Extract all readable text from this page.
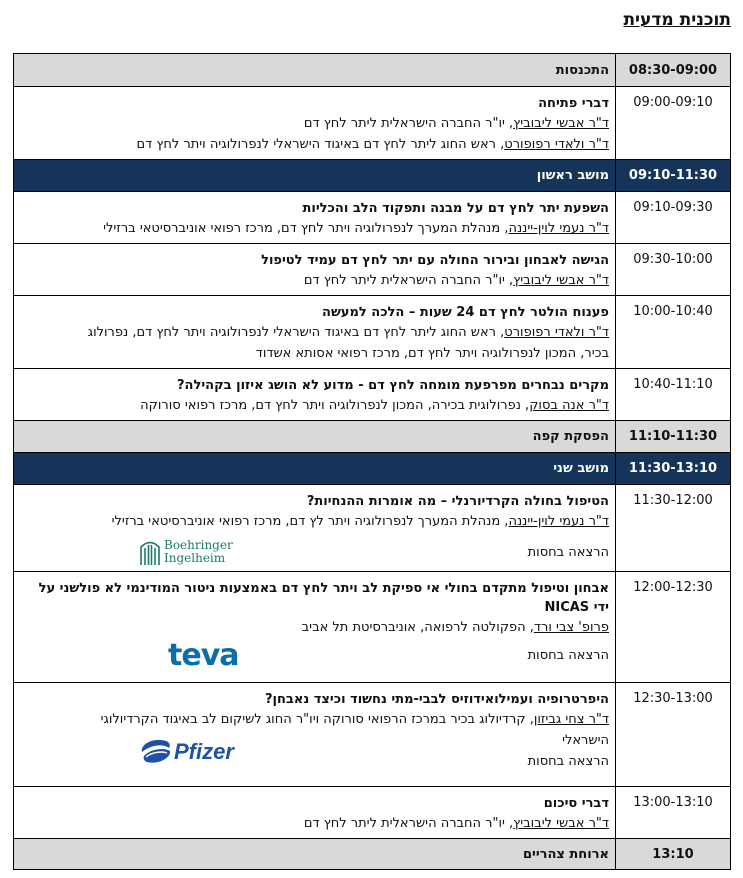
תוכנית מדעית
08:30-09:00	התכנסות
09:00-09:10	דברי פתיחה
ד"ר אבשי ליבוביץ, יו"ר החברה הישראלית ליתר לחץ דם
ד"ר ולאדי רפופורט, ראש החוג ליתר לחץ דם באיגוד הישראלי לנפרולוגיה ויתר לחץ דם

09:10-11:30	מושב ראשון
09:10-09:30	השפעת יתר לחץ דם על מבנה ותפקוד הלב והכליות
ד"ר נעמי לוין-ייננה, מנהלת המערך לנפרולוגיה ויתר לחץ דם, מרכז רפואי אוניברסיטאי ברזילי

09:30-10:00	הגישה לאבחון ובירור החולה עם יתר לחץ דם עמיד לטיפול
ד"ר אבשי ליבוביץ, יו"ר החברה הישראלית ליתר לחץ דם

10:00-10:40	פענוח הולטר לחץ דם 24 שעות – הלכה למעשה
ד"ר ולאדי רפופורט, ראש החוג ליתר לחץ דם באיגוד הישראלי לנפרולוגיה ויתר לחץ דם, נפרולוג
בכיר, המכון לנפרולוגיה ויתר לחץ דם, מרכז רפואי אסותא אשדוד

10:40-11:10	מקרים נבחרים מפרפעת מומחה לחץ דם - מדוע לא הושג איזון בקהילה?
ד"ר אנה בסוק, נפרולוגית בכירה, המכון לנפרולוגיה ויתר לחץ דם, מרכז רפואי סורוקה

11:10-11:30	הפסקת קפה
11:30-13:10	מושב שני
11:30-12:00	הטיפול בחולה הקרדיורנלי – מה אומרות ההנחיות?
ד"ר נעמי לוין-ייננה, מנהלת המערך לנפרולוגיה ויתר לץ דם, מרכז רפואי אוניברסיטאי ברזילי
הרצאה בחסות
Boehringer
Ingelheim

12:00-12:30	אבחון וטיפול מתקדם בחולי אי ספיקת לב ויתר לחץ דם באמצעות ניטור המודינמי לא פולשני על ידי NICAS
פרופ' צבי ורד, הפקולטה לרפואה, אוניברסיטת תל אביב
הרצאה בחסות
teva

12:30-13:00	היפרטרופיה ועמילואידוזיס לבבי-מתי נחשוד וכיצד נאבחן?
ד"ר צחי גביזון, קרדיולוג בכיר במרכז הרפואי סורוקה ויו"ר החוג לשיקום לב באיגוד הקרדיולוגי
הישראלי
הרצאה בחסות
Pfizer

13:00-13:10	דברי סיכום
ד"ר אבשי ליבוביץ, יו"ר החברה הישראלית ליתר לחץ דם

13:10	ארוחת צהריים
